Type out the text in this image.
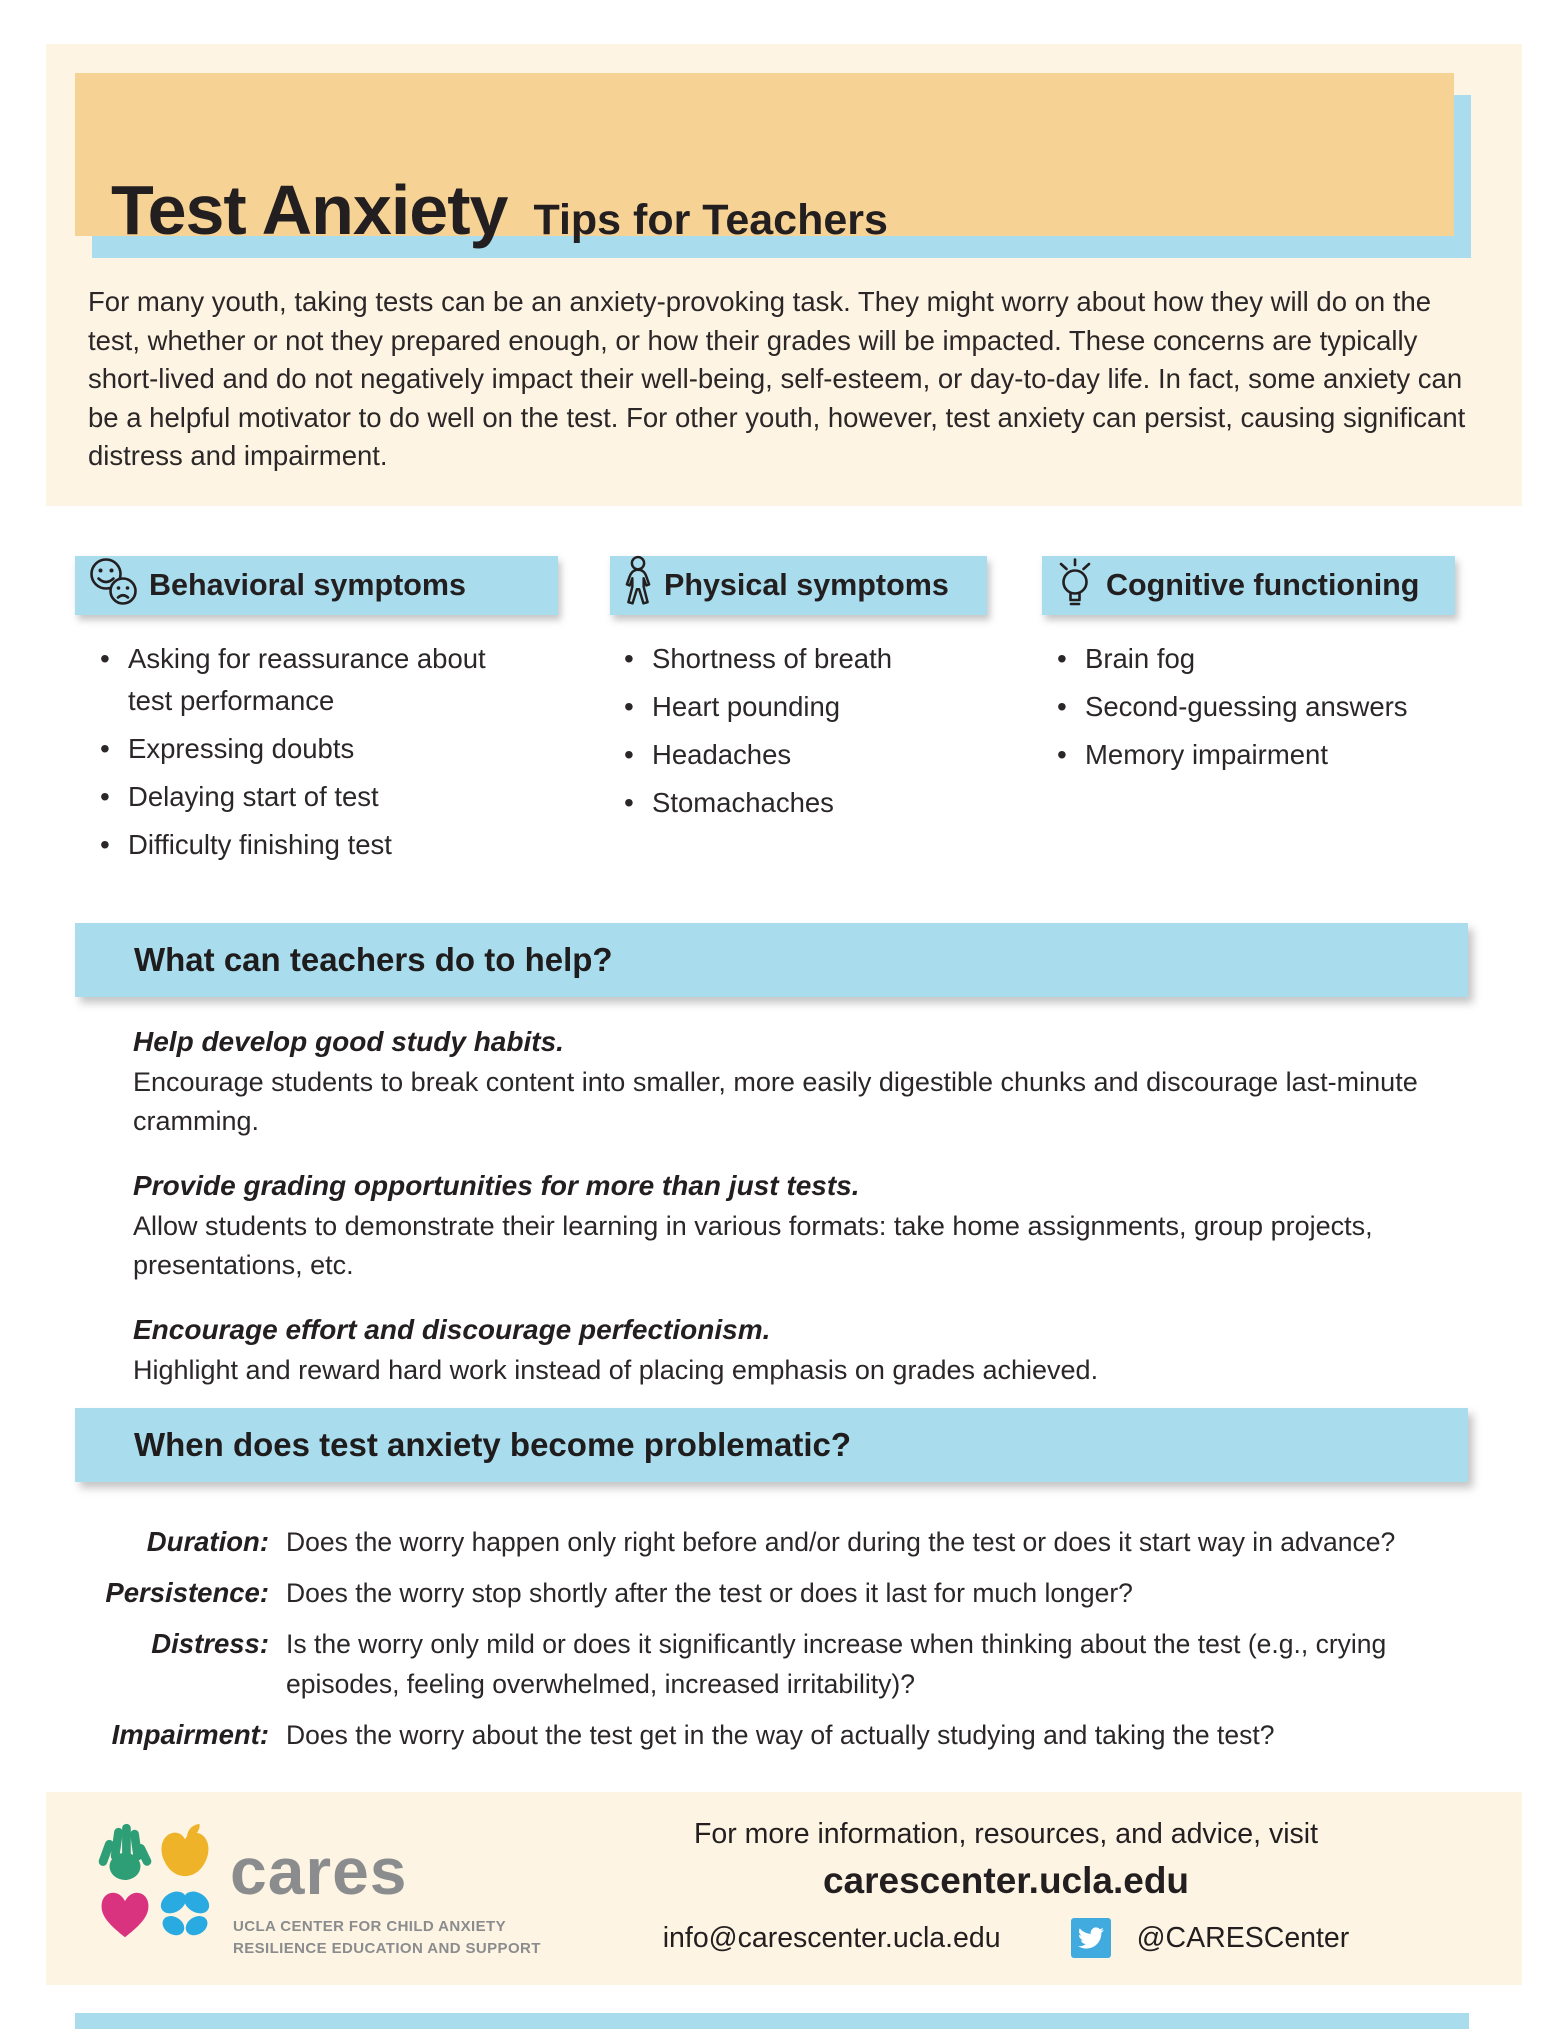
Test Anxiety Tips for Teachers
For many youth, taking tests can be an anxiety-provoking task. They might worry about how they will do on the test, whether or not they prepared enough, or how their grades will be impacted. These concerns are typically short-lived and do not negatively impact their well-being, self-esteem, or day-to-day life. In fact, some anxiety can be a helpful motivator to do well on the test. For other youth, however, test anxiety can persist, causing significant distress and impairment.
Behavioral symptoms	Physical symptoms	Cognitive functioning
• Asking for reassurance about test performance
• Expressing doubts
• Delaying start of test
• Difficulty finishing test
• Shortness of breath
• Heart pounding
• Headaches
• Stomachaches
• Brain fog
• Second-guessing answers
• Memory impairment
What can teachers do to help?
Help develop good study habits.

Encourage students to break content into smaller, more easily digestible chunks and discourage last-minute cramming.

Provide grading opportunities for more than just tests.

Allow students to demonstrate their learning in various formats: take home assignments, group projects, presentations, etc.

Encourage effort and discourage perfectionism.

Highlight and reward hard work instead of placing emphasis on grades achieved.

When does test anxiety become problematic?
Duration: Does the worry happen only right before and/or during the test or does it start way in advance?
Persistence: Does the worry stop shortly after the test or does it last for much longer?
Distress: Is the worry only mild or does it significantly increase when thinking about the test (e.g., crying episodes, feeling overwhelmed, increased irritability)?
Impairment: Does the worry about the test get in the way of actually studying and taking the test?
cares
UCLA CENTER FOR CHILD ANXIETY
RESILIENCE EDUCATION AND SUPPORT
For more information, resources, and advice, visit
carescenter.ucla.edu
info@carescenter.ucla.edu	@CARESCenter
